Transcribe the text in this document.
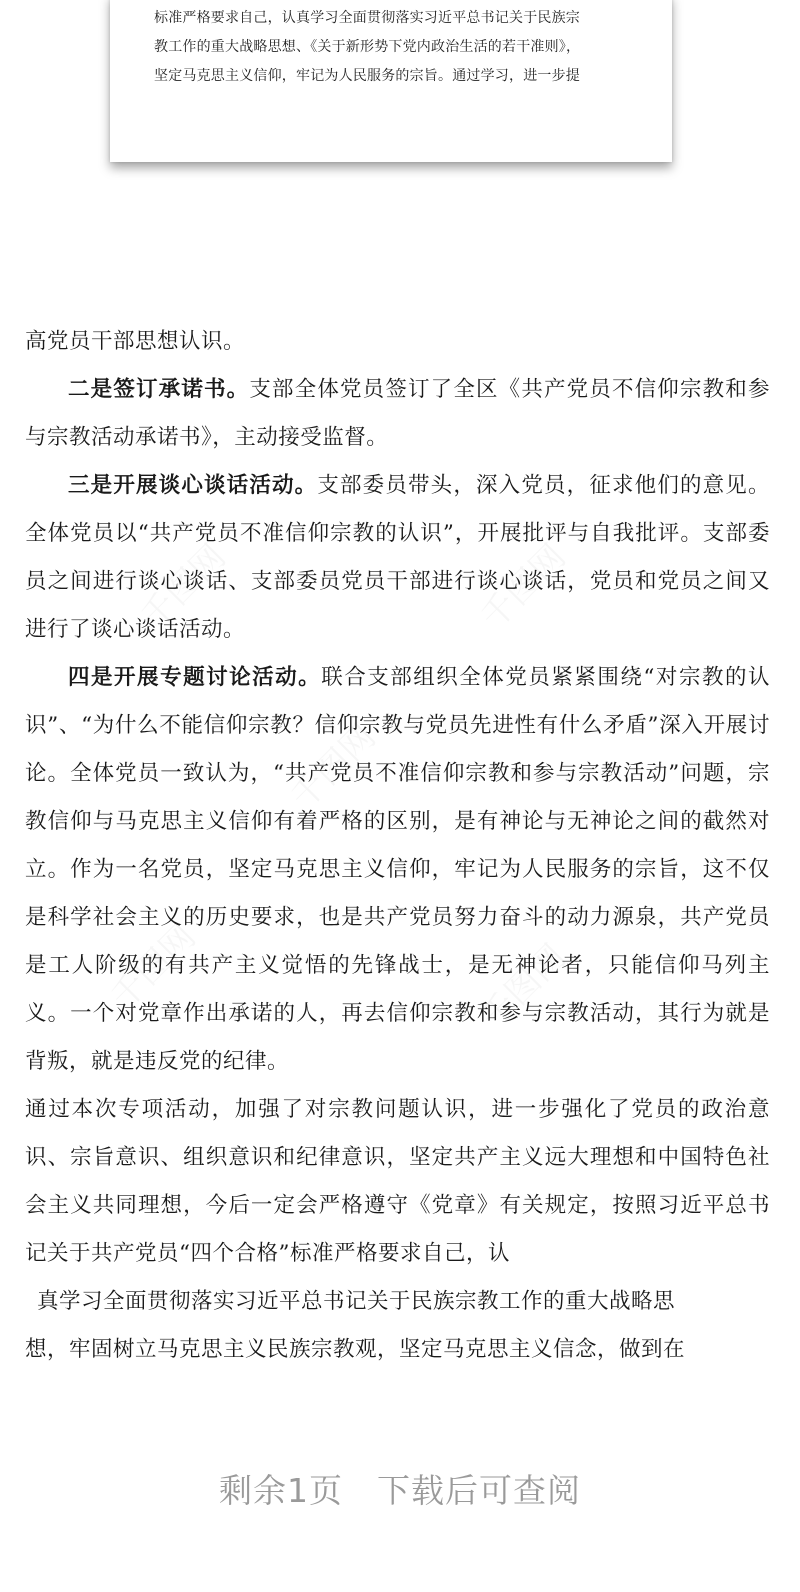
标准严格要求自己，认真学习全面贯彻落实习近平总书记关于民族宗
教工作的重大战略思想、《关于新形势下党内政治生活的若干准则》，
坚定马克思主义信仰，牢记为人民服务的宗旨。通过学习，进一步提

高党员干部思想认识。

二是签订承诺书。支部全体党员签订了全区《共产党员不信仰宗教和参与宗教活动承诺书》，主动接受监督。

三是开展谈心谈话活动。支部委员带头，深入党员，征求他们的意见。全体党员以“共产党员不准信仰宗教的认识”，开展批评与自我批评。支部委员之间进行谈心谈话、支部委员党员干部进行谈心谈话，党员和党员之间又进行了谈心谈话活动。

四是开展专题讨论活动。联合支部组织全体党员紧紧围绕“对宗教的认识”、“为什么不能信仰宗教？信仰宗教与党员先进性有什么矛盾”深入开展讨论。全体党员一致认为，“共产党员不准信仰宗教和参与宗教活动”问题，宗教信仰与马克思主义信仰有着严格的区别，是有神论与无神论之间的截然对立。作为一名党员，坚定马克思主义信仰，牢记为人民服务的宗旨，这不仅是科学社会主义的历史要求，也是共产党员努力奋斗的动力源泉，共产党员是工人阶级的有共产主义觉悟的先锋战士，是无神论者，只能信仰马列主义。一个对党章作出承诺的人，再去信仰宗教和参与宗教活动，其行为就是背叛，就是违反党的纪律。

通过本次专项活动，加强了对宗教问题认识，进一步强化了党员的政治意识、宗旨意识、组织意识和纪律意识，坚定共产主义远大理想和中国特色社会主义共同理想，今后一定会严格遵守《党章》有关规定，按照习近平总书记关于共产党员“四个合格”标准严格要求自己，认
真学习全面贯彻落实习近平总书记关于民族宗教工作的重大战略思
想，牢固树立马克思主义民族宗教观，坚定马克思主义信念，做到在

剩余1页 下载后可查阅
